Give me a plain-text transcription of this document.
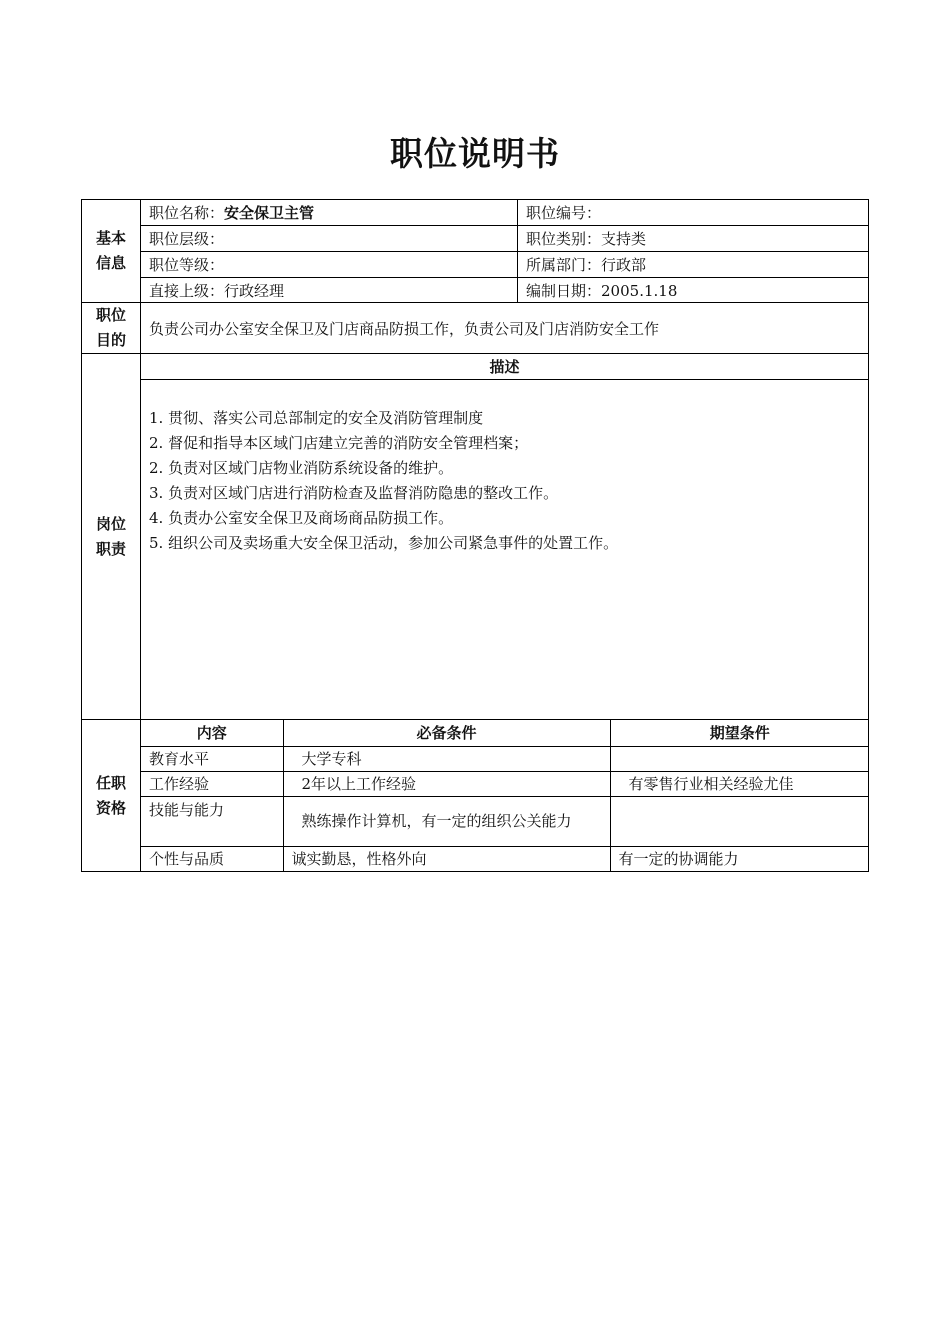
职位说明书
基本信息
	职位名称：安全保卫主管	职位编号：
职位层级：	职位类别：支持类
职位等级：	所属部门：行政部
直接上级：行政经理	编制日期：2005.1.18

职位目的
	负责公司办公室安全保卫及门店商品防损工作，负责公司及门店消防安全工作

岗位职责
	描述

1. 贯彻、落实公司总部制定的安全及消防管理制度
2. 督促和指导本区域门店建立完善的消防安全管理档案；
2. 负责对区域门店物业消防系统设备的维护。
3. 负责对区域门店进行消防检查及监督消防隐患的整改工作。
4. 负责办公室安全保卫及商场商品防损工作。
5. 组织公司及卖场重大安全保卫活动，参加公司紧急事件的处置工作。

任职资格

内容	必备条件	期望条件
教育水平	大学专科	
工作经验	2年以上工作经验	有零售行业相关经验尤佳
技能与能力	熟练操作计算机，有一定的组织公关能力	
个性与品质	诚实勤恳，性格外向	有一定的协调能力
